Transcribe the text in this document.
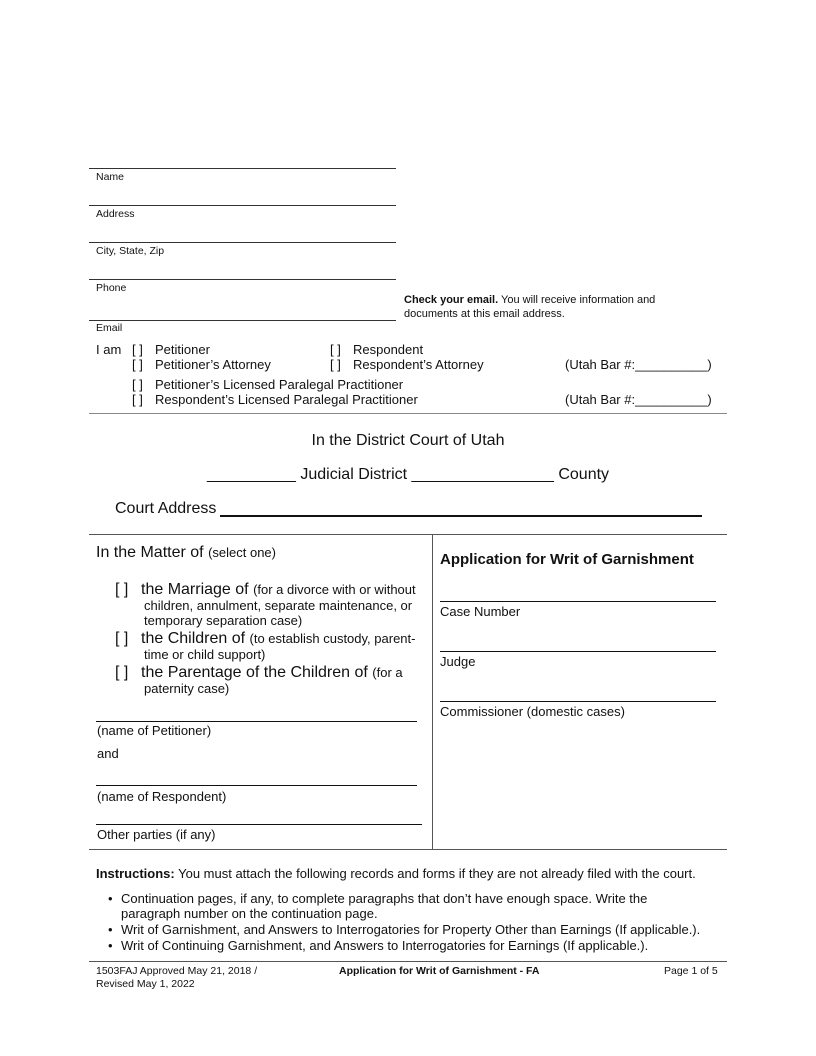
Name
Address
City, State, Zip
Phone
Check your email. You will receive information and
documents at this email address.
Email
I am [ ] Petitioner	[ ] Respondent
[ ] Petitioner’s Attorney	[ ] Respondent’s Attorney	(Utah Bar #:__________)
[ ] Petitioner’s Licensed Paralegal Practitioner
[ ] Respondent’s Licensed Paralegal Practitioner	(Utah Bar #:__________)
In the District Court of Utah
__________ Judicial District ________________ County
Court Address
In the Matter of (select one)
[ ] the Marriage of (for a divorce with or without
children, annulment, separate maintenance, or
temporary separation case)
[ ] the Children of (to establish custody, parent-
time or child support)
[ ] the Parentage of the Children of (for a
paternity case)
(name of Petitioner)
and
(name of Respondent)
Other parties (if any)
Application for Writ of Garnishment
Case Number
Judge
Commissioner (domestic cases)
Instructions: You must attach the following records and forms if they are not already filed with the court.
• Continuation pages, if any, to complete paragraphs that don’t have enough space. Write the
paragraph number on the continuation page.
• Writ of Garnishment, and Answers to Interrogatories for Property Other than Earnings (If applicable.).
• Writ of Continuing Garnishment, and Answers to Interrogatories for Earnings (If applicable.).
1503FAJ Approved May 21, 2018 /
Revised May 1, 2022
Application for Writ of Garnishment - FA	Page 1 of 5
